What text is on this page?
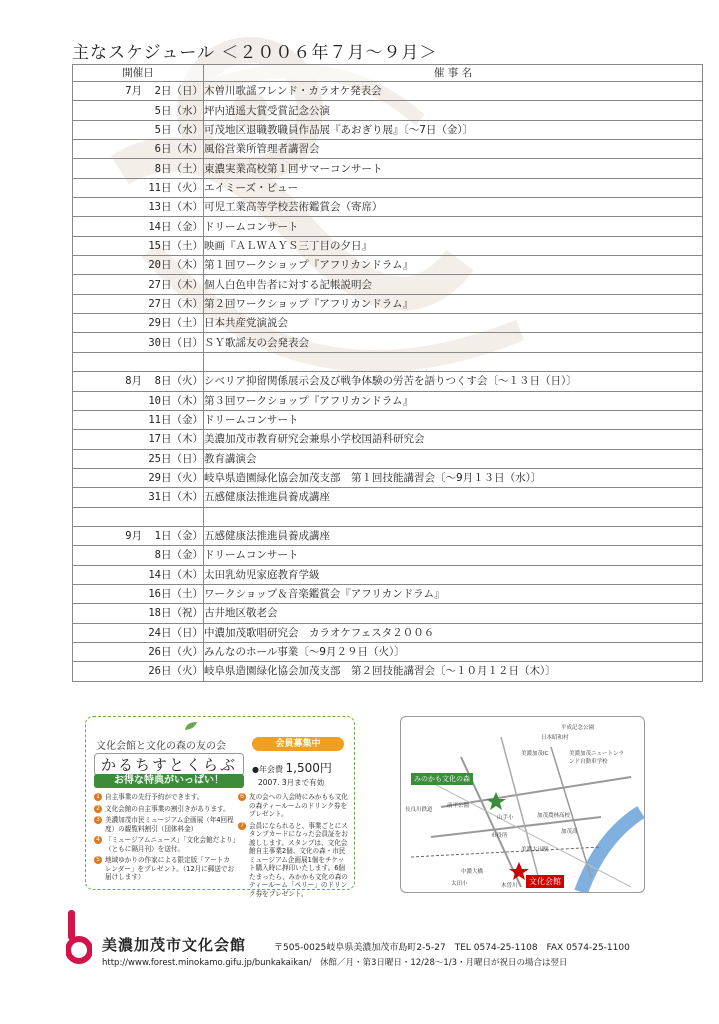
主なスケジュール ＜２００６年７月～９月＞
開催日	催 事 名
7月  2日（日）	木曽川歌謡フレンド・カラオケ発表会
5日（水）	坪内逍遥大賞受賞記念公演
5日（水）	可茂地区退職教職員作品展『あおぎり展』〔～7日（金）〕
6日（木）	風俗営業所管理者講習会
8日（土）	東濃実業高校第１回サマーコンサート
11日（火）	エイミーズ・ビュー
13日（木）	可児工業高等学校芸術鑑賞会（寄席）
14日（金）	ドリームコンサート
15日（土）	映画『ＡＬＷＡＹＳ三丁目の夕日』
20日（木）	第１回ワークショップ『アフリカンドラム』
27日（木）	個人白色申告者に対する記帳説明会
27日（木）	第２回ワークショップ『アフリカンドラム』
29日（土）	日本共産党演説会
30日（日）	ＳＹ歌謡友の会発表会

8月  8日（火）	シベリア抑留関係展示会及び戦争体験の労苦を語りつくす会〔～１３日（日）〕
10日（木）	第３回ワークショップ『アフリカンドラム』
11日（金）	ドリームコンサート
17日（木）	美濃加茂市教育研究会兼県小学校国語科研究会
25日（日）	教育講演会
29日（火）	岐阜県造園緑化協会加茂支部　第１回技能講習会〔～9月１３日（水）〕
31日（木）	五感健康法推進員養成講座

9月  1日（金）	五感健康法推進員養成講座
8日（金）	ドリームコンサート
14日（木）	太田乳幼児家庭教育学級
16日（土）	ワークショップ＆音楽鑑賞会『アフリカンドラム』
18日（祝）	古井地区敬老会
24日（日）	中濃加茂歌唱研究会　カラオケフェスタ２００６
26日（火）	みんなのホール事業〔～9月２９日（火）〕
26日（火）	岐阜県造園緑化協会加茂支部　第２回技能講習会〔～１０月１２日（木）〕
文化会館と文化の森の友の会	会員募集中
かるちすとくらぶ	●年会費 1,500円
2007. 3月まで有効
お得な特典がいっぱい！
1 自主事業の先行予約ができます。
2 文化会館の自主事業の割引きがあります。
3 美濃加茂市民ミュージアム企画展（年4回程度）の観覧料割引（団体料金）
4 「ミュージアムニュース」「文化会館だより」（ともに隔月刊）を送付。
5 地域ゆかりの作家による限定版「アートカレンダー」をプレゼント。（12月に郵送でお届けします）
6 友の会への入会時にみかもも文化の森ティールームのドリンク券をプレゼント。
7 会員になられると、事業ごとにスタンプカードになった会員証をお渡しします。スタンプは、文化会館自主事業2個、文化の森・市民ミュージアム企画展1個をチケット購入時に押印いたします。6個たまったら、みかかも文化の森のティールーム「ペリー」のドリンク券をプレゼント。
平成記念公園
日本昭和村
美濃加茂IC	美濃加茂ニュートンランド自動車学校
みのかも文化の森
長良川鉄道
前平公園
山手小
加茂高
加茂農林高校
市役所
美濃太田駅
中濃大橋
太田小	木曽川	文化会館
美濃加茂市文化会館	〒505-0025岐阜県美濃加茂市島町2-5-27　TEL 0574-25-1108　FAX 0574-25-1100
http://www.forest.minokamo.gifu.jp/bunkakaikan/　休館／月・第3日曜日・12/28～1/3・月曜日が祝日の場合は翌日
